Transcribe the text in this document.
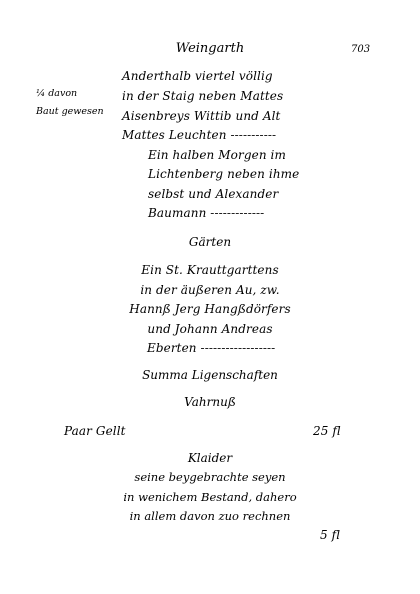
Weingarth	703
¼ davon
Baut gewesen
Anderthalb viertel völlig
in der Staig neben Mattes
Aisenbreys Wittib und Alt
Mattes Leuchten -----------
Ein halben Morgen im
Lichtenberg neben ihme
selbst und Alexander
Baumann -------------
Gärten
Ein St. Krauttgarttens
in der äußeren Au, zw.
Hannß Jerg Hangßdörfers
und Johann Andreas
Eberten ------------------
Summa Ligenschaften
Vahrnuß
Paar Gellt	25 fl
Klaider
seine beygebrachte seyen
in wenichem Bestand, dahero
in allem davon zuo rechnen
5 fl
